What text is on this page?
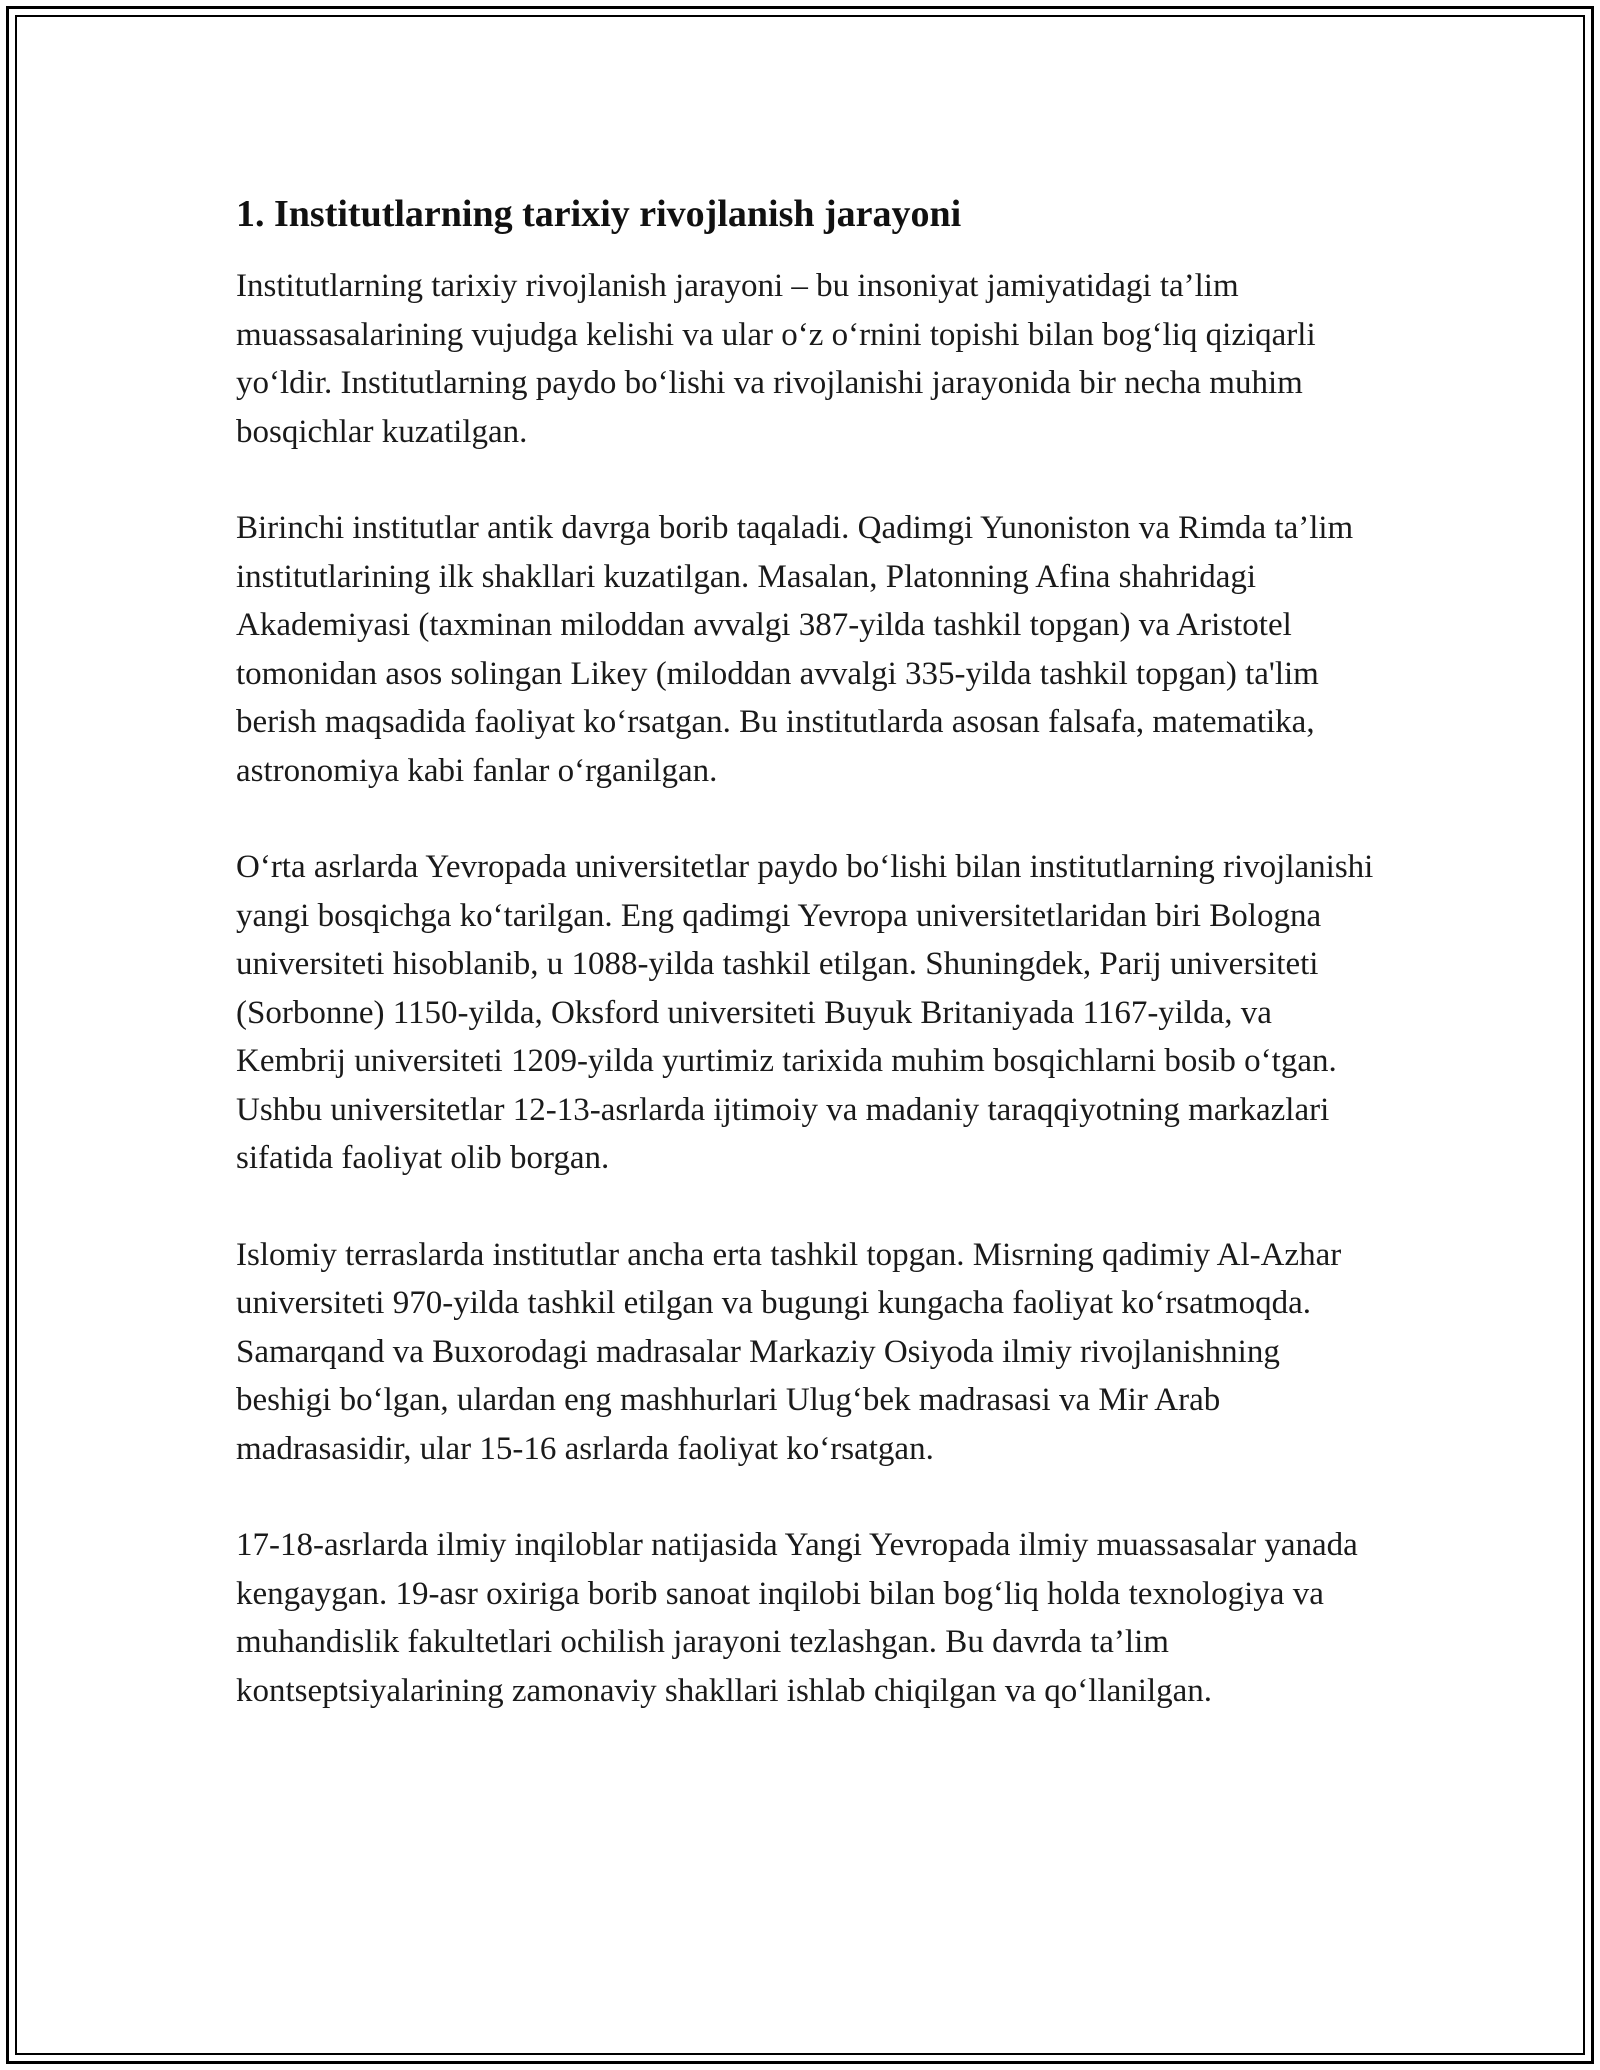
1. Institutlarning tarixiy rivojlanish jarayoni

Institutlarning tarixiy rivojlanish jarayoni – bu insoniyat jamiyatidagi ta’lim muassasalarining vujudga kelishi va ular o‘z o‘rnini topishi bilan bog‘liq qiziqarli yo‘ldir. Institutlarning paydo bo‘lishi va rivojlanishi jarayonida bir necha muhim bosqichlar kuzatilgan.

Birinchi institutlar antik davrga borib taqaladi. Qadimgi Yunoniston va Rimda ta’lim institutlarining ilk shakllari kuzatilgan. Masalan, Platonning Afina shahridagi Akademiyasi (taxminan miloddan avvalgi 387-yilda tashkil topgan) va Aristotel tomonidan asos solingan Likey (miloddan avvalgi 335-yilda tashkil topgan) ta'lim berish maqsadida faoliyat ko‘rsatgan. Bu institutlarda asosan falsafa, matematika, astronomiya kabi fanlar o‘rganilgan.

O‘rta asrlarda Yevropada universitetlar paydo bo‘lishi bilan institutlarning rivojlanishi yangi bosqichga ko‘tarilgan. Eng qadimgi Yevropa universitetlaridan biri Bologna universiteti hisoblanib, u 1088-yilda tashkil etilgan. Shuningdek, Parij universiteti (Sorbonne) 1150-yilda, Oksford universiteti Buyuk Britaniyada 1167-yilda, va Kembrij universiteti 1209-yilda yurtimiz tarixida muhim bosqichlarni bosib o‘tgan. Ushbu universitetlar 12-13-asrlarda ijtimoiy va madaniy taraqqiyotning markazlari sifatida faoliyat olib borgan.

Islomiy terraslarda institutlar ancha erta tashkil topgan. Misrning qadimiy Al-Azhar universiteti 970-yilda tashkil etilgan va bugungi kungacha faoliyat ko‘rsatmoqda. Samarqand va Buxorodagi madrasalar Markaziy Osiyoda ilmiy rivojlanishning beshigi bo‘lgan, ulardan eng mashhurlari Ulug‘bek madrasasi va Mir Arab madrasasidir, ular 15-16 asrlarda faoliyat ko‘rsatgan.

17-18-asrlarda ilmiy inqiloblar natijasida Yangi Yevropada ilmiy muassasalar yanada kengaygan. 19-asr oxiriga borib sanoat inqilobi bilan bog‘liq holda texnologiya va muhandislik fakultetlari ochilish jarayoni tezlashgan. Bu davrda ta’lim kontseptsiyalarining zamonaviy shakllari ishlab chiqilgan va qo‘llanilgan.
